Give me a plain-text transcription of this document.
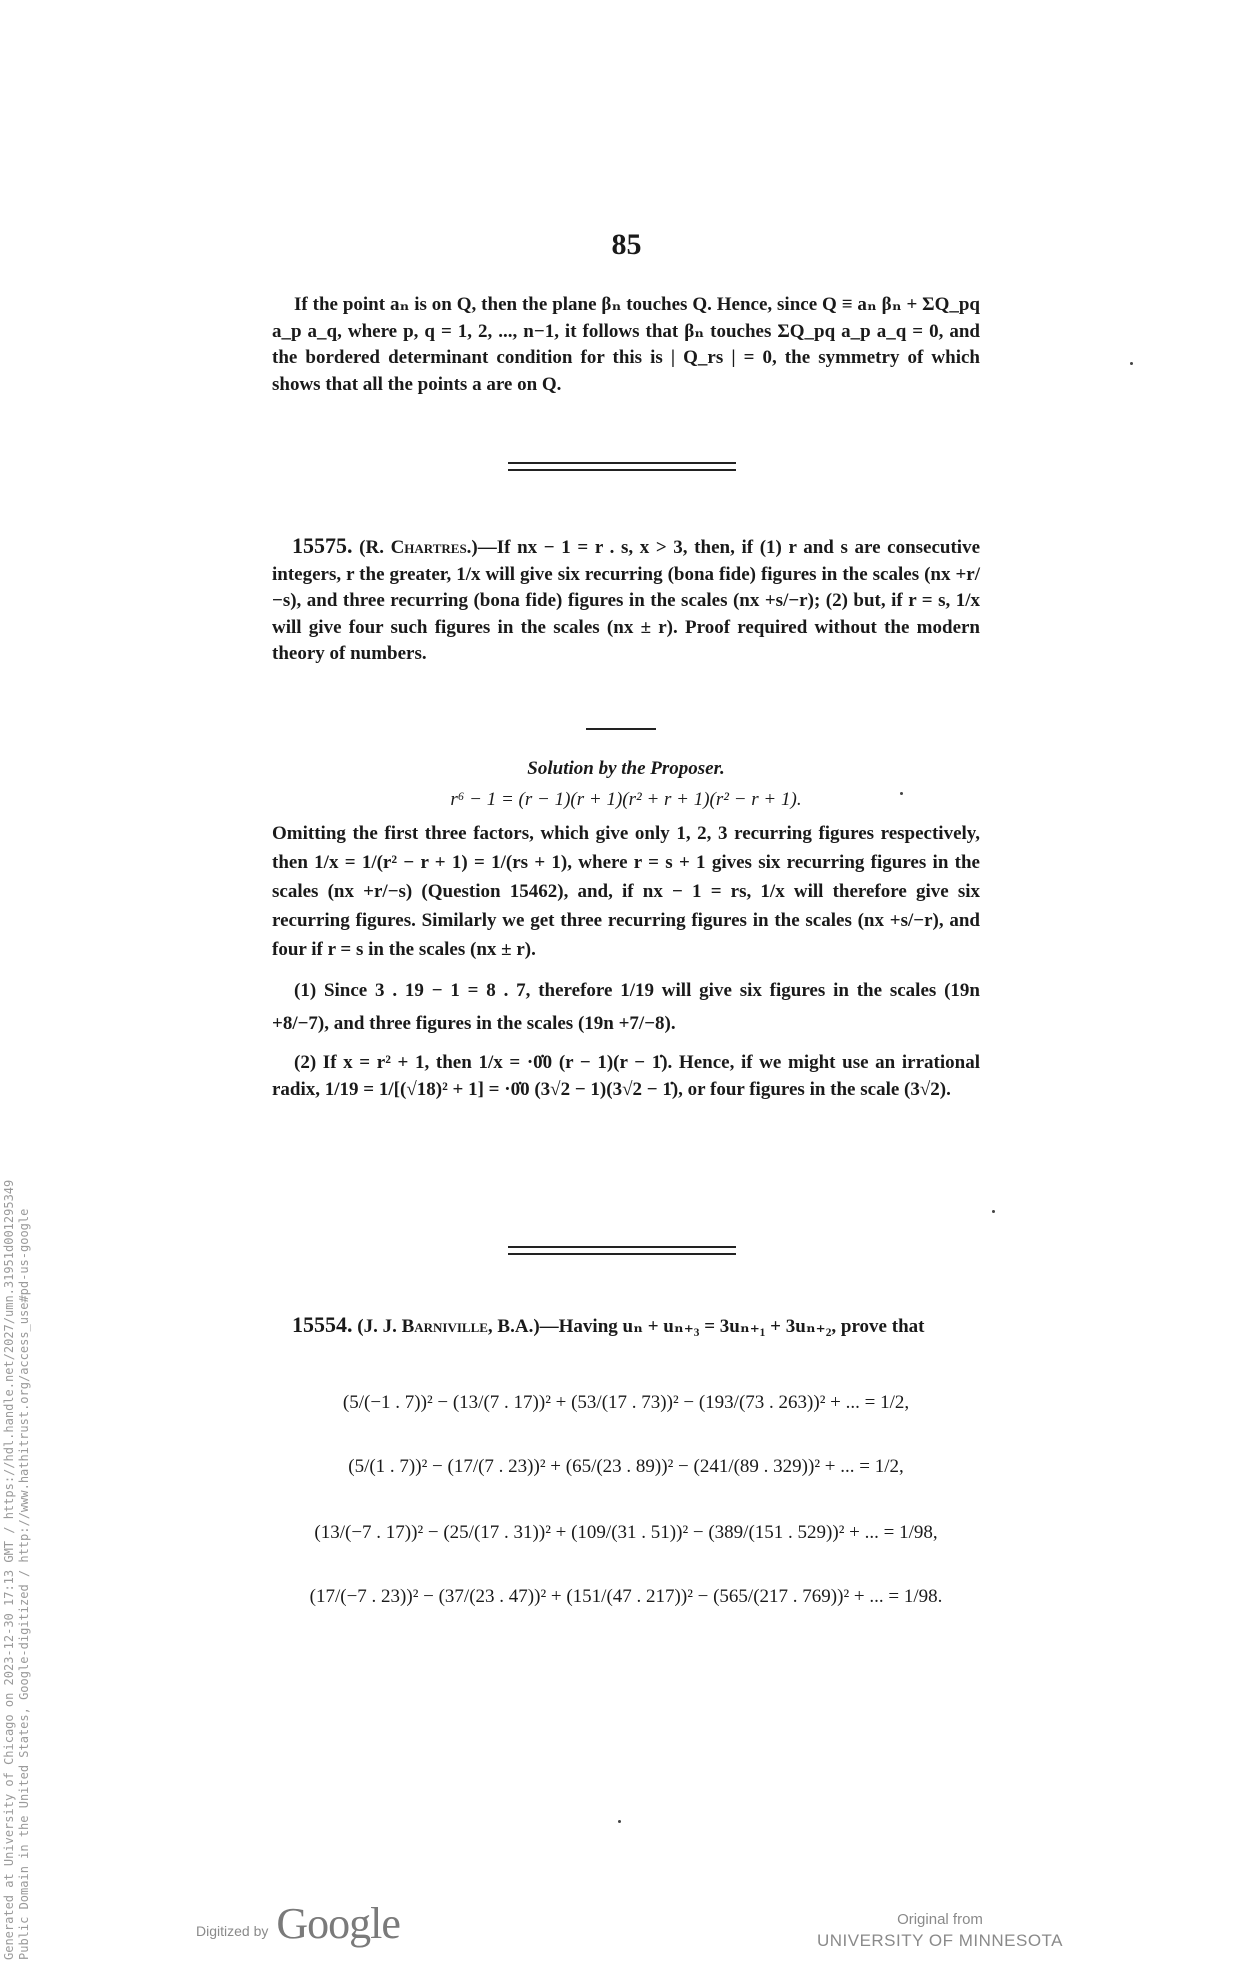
85

If the point aₙ is on Q, then the plane βₙ touches Q. Hence, since Q ≡ aₙ βₙ + ΣQ_pq a_p a_q, where p, q = 1, 2, ..., n−1, it follows that βₙ touches ΣQ_pq a_p a_q = 0, and the bordered determinant condition for this is | Q_rs | = 0, the symmetry of which shows that all the points a are on Q.

15575. (R. Chartres.)—If nx − 1 = r . s, x > 3, then, if (1) r and s are consecutive integers, r the greater, 1/x will give six recurring (bona fide) figures in the scales (nx +r/−s), and three recurring (bona fide) figures in the scales (nx +s/−r); (2) but, if r = s, 1/x will give four such figures in the scales (nx ± r). Proof required without the modern theory of numbers.

Solution by the Proposer.

r⁶ − 1 = (r − 1)(r + 1)(r² + r + 1)(r² − r + 1).

Omitting the first three factors, which give only 1, 2, 3 recurring figures respectively, then 1/x = 1/(r² − r + 1) = 1/(rs + 1), where r = s + 1 gives six recurring figures in the scales (nx +r/−s) (Question 15462), and, if nx − 1 = rs, 1/x will therefore give six recurring figures. Similarly we get three recurring figures in the scales (nx +s/−r), and four if r = s in the scales (nx ± r).

(1) Since 3 . 19 − 1 = 8 . 7, therefore 1/19 will give six figures in the scales (19n +8/−7), and three figures in the scales (19n +7/−8).

(2) If x = r² + 1, then 1/x = ·0̇0 (r − 1)(r − 1̇). Hence, if we might use an irrational radix, 1/19 = 1/[(√18)² + 1] = ·0̇0 (3√2 − 1)(3√2 − 1̇), or four figures in the scale (3√2).

15554. (J. J. Barniville, B.A.)—Having uₙ + uₙ₊₃ = 3uₙ₊₁ + 3uₙ₊₂, prove that

(5/(−1 . 7))² − (13/(7 . 17))² + (53/(17 . 73))² − (193/(73 . 263))² + ... = 1/2,
(5/(1 . 7))² − (17/(7 . 23))² + (65/(23 . 89))² − (241/(89 . 329))² + ... = 1/2,
(13/(−7 . 17))² − (25/(17 . 31))² + (109/(31 . 51))² − (389/(151 . 529))² + ... = 1/98,
(17/(−7 . 23))² − (37/(23 . 47))² + (151/(47 . 217))² − (565/(217 . 769))² + ... = 1/98.
Generated at University of Chicago on 2023-12-30 17:13 GMT / https://hdl.handle.net/2027/umn.31951d001295349 Public Domain in the United States, Google-digitized / http://www.hathitrust.org/access_use#pd-us-google	Digitized by Google	Original from
UNIVERSITY OF MINNESOTA
